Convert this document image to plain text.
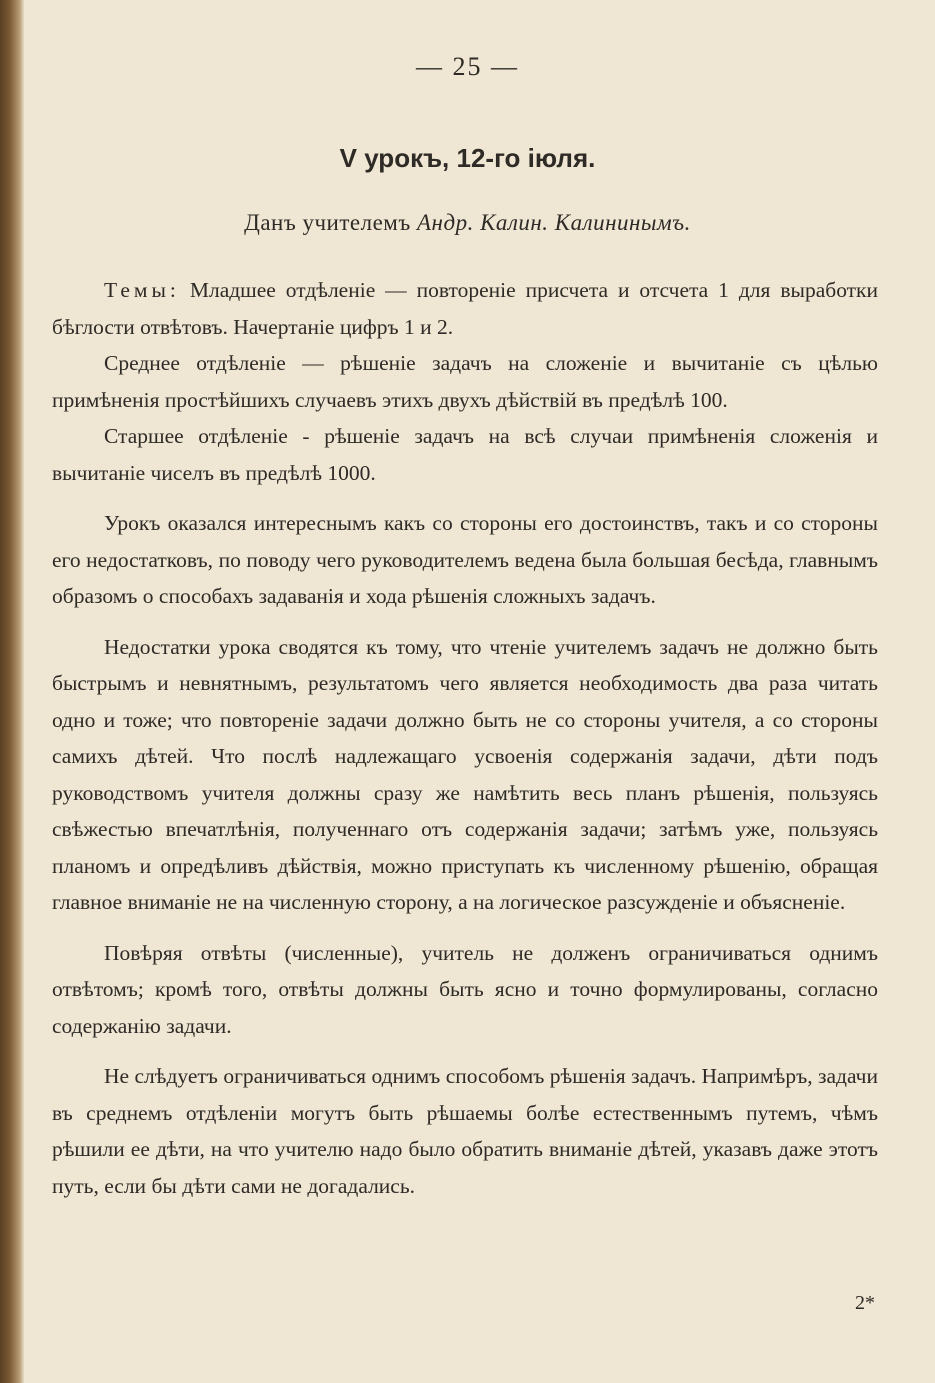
— 25 —
V урокъ, 12-го іюля.
Данъ учителемъ Андр. Калин. Калининымъ.

Темы: Младшее отдѣленіе — повтореніе присчета и отсчета 1 для выработки бѣглости отвѣтовъ. Начертаніе цифръ 1 и 2.

Среднее отдѣленіе — рѣшеніе задачъ на сложеніе и вычитаніе съ цѣлью примѣненія простѣйшихъ случаевъ этихъ двухъ дѣйствій въ предѣлѣ 100.

Старшее отдѣленіе - рѣшеніе задачъ на всѣ случаи примѣненія сложенія и вычитаніе чиселъ въ предѣлѣ 1000.

Урокъ оказался интереснымъ какъ со стороны его достоинствъ, такъ и со стороны его недостатковъ, по поводу чего руководителемъ ведена была большая бесѣда, главнымъ образомъ о способахъ задаванія и хода рѣшенія сложныхъ задачъ.

Недостатки урока сводятся къ тому, что чтеніе учителемъ задачъ не должно быть быстрымъ и невнятнымъ, результатомъ чего является необходимость два раза читать одно и тоже; что повтореніе задачи должно быть не со стороны учителя, а со стороны самихъ дѣтей. Что послѣ надлежащаго усвоенія содержанія задачи, дѣти подъ руководствомъ учителя должны сразу же намѣтить весь планъ рѣшенія, пользуясь свѣжестью впечатлѣнія, полученнаго отъ содержанія задачи; затѣмъ уже, пользуясь планомъ и опредѣливъ дѣйствія, можно приступать къ численному рѣшенію, обращая главное вниманіе не на численную сторону, а на логическое разсужденіе и объясненіе.

Повѣряя отвѣты (численные), учитель не долженъ ограничиваться однимъ отвѣтомъ; кромѣ того, отвѣты должны быть ясно и точно формулированы, согласно содержанію задачи.

Не слѣдуетъ ограничиваться однимъ способомъ рѣшенія задачъ. Напримѣръ, задачи въ среднемъ отдѣленіи могутъ быть рѣшаемы болѣе естественнымъ путемъ, чѣмъ рѣшили ее дѣти, на что учителю надо было обратить вниманіе дѣтей, указавъ даже этотъ путь, если бы дѣти сами не догадались.

2*
